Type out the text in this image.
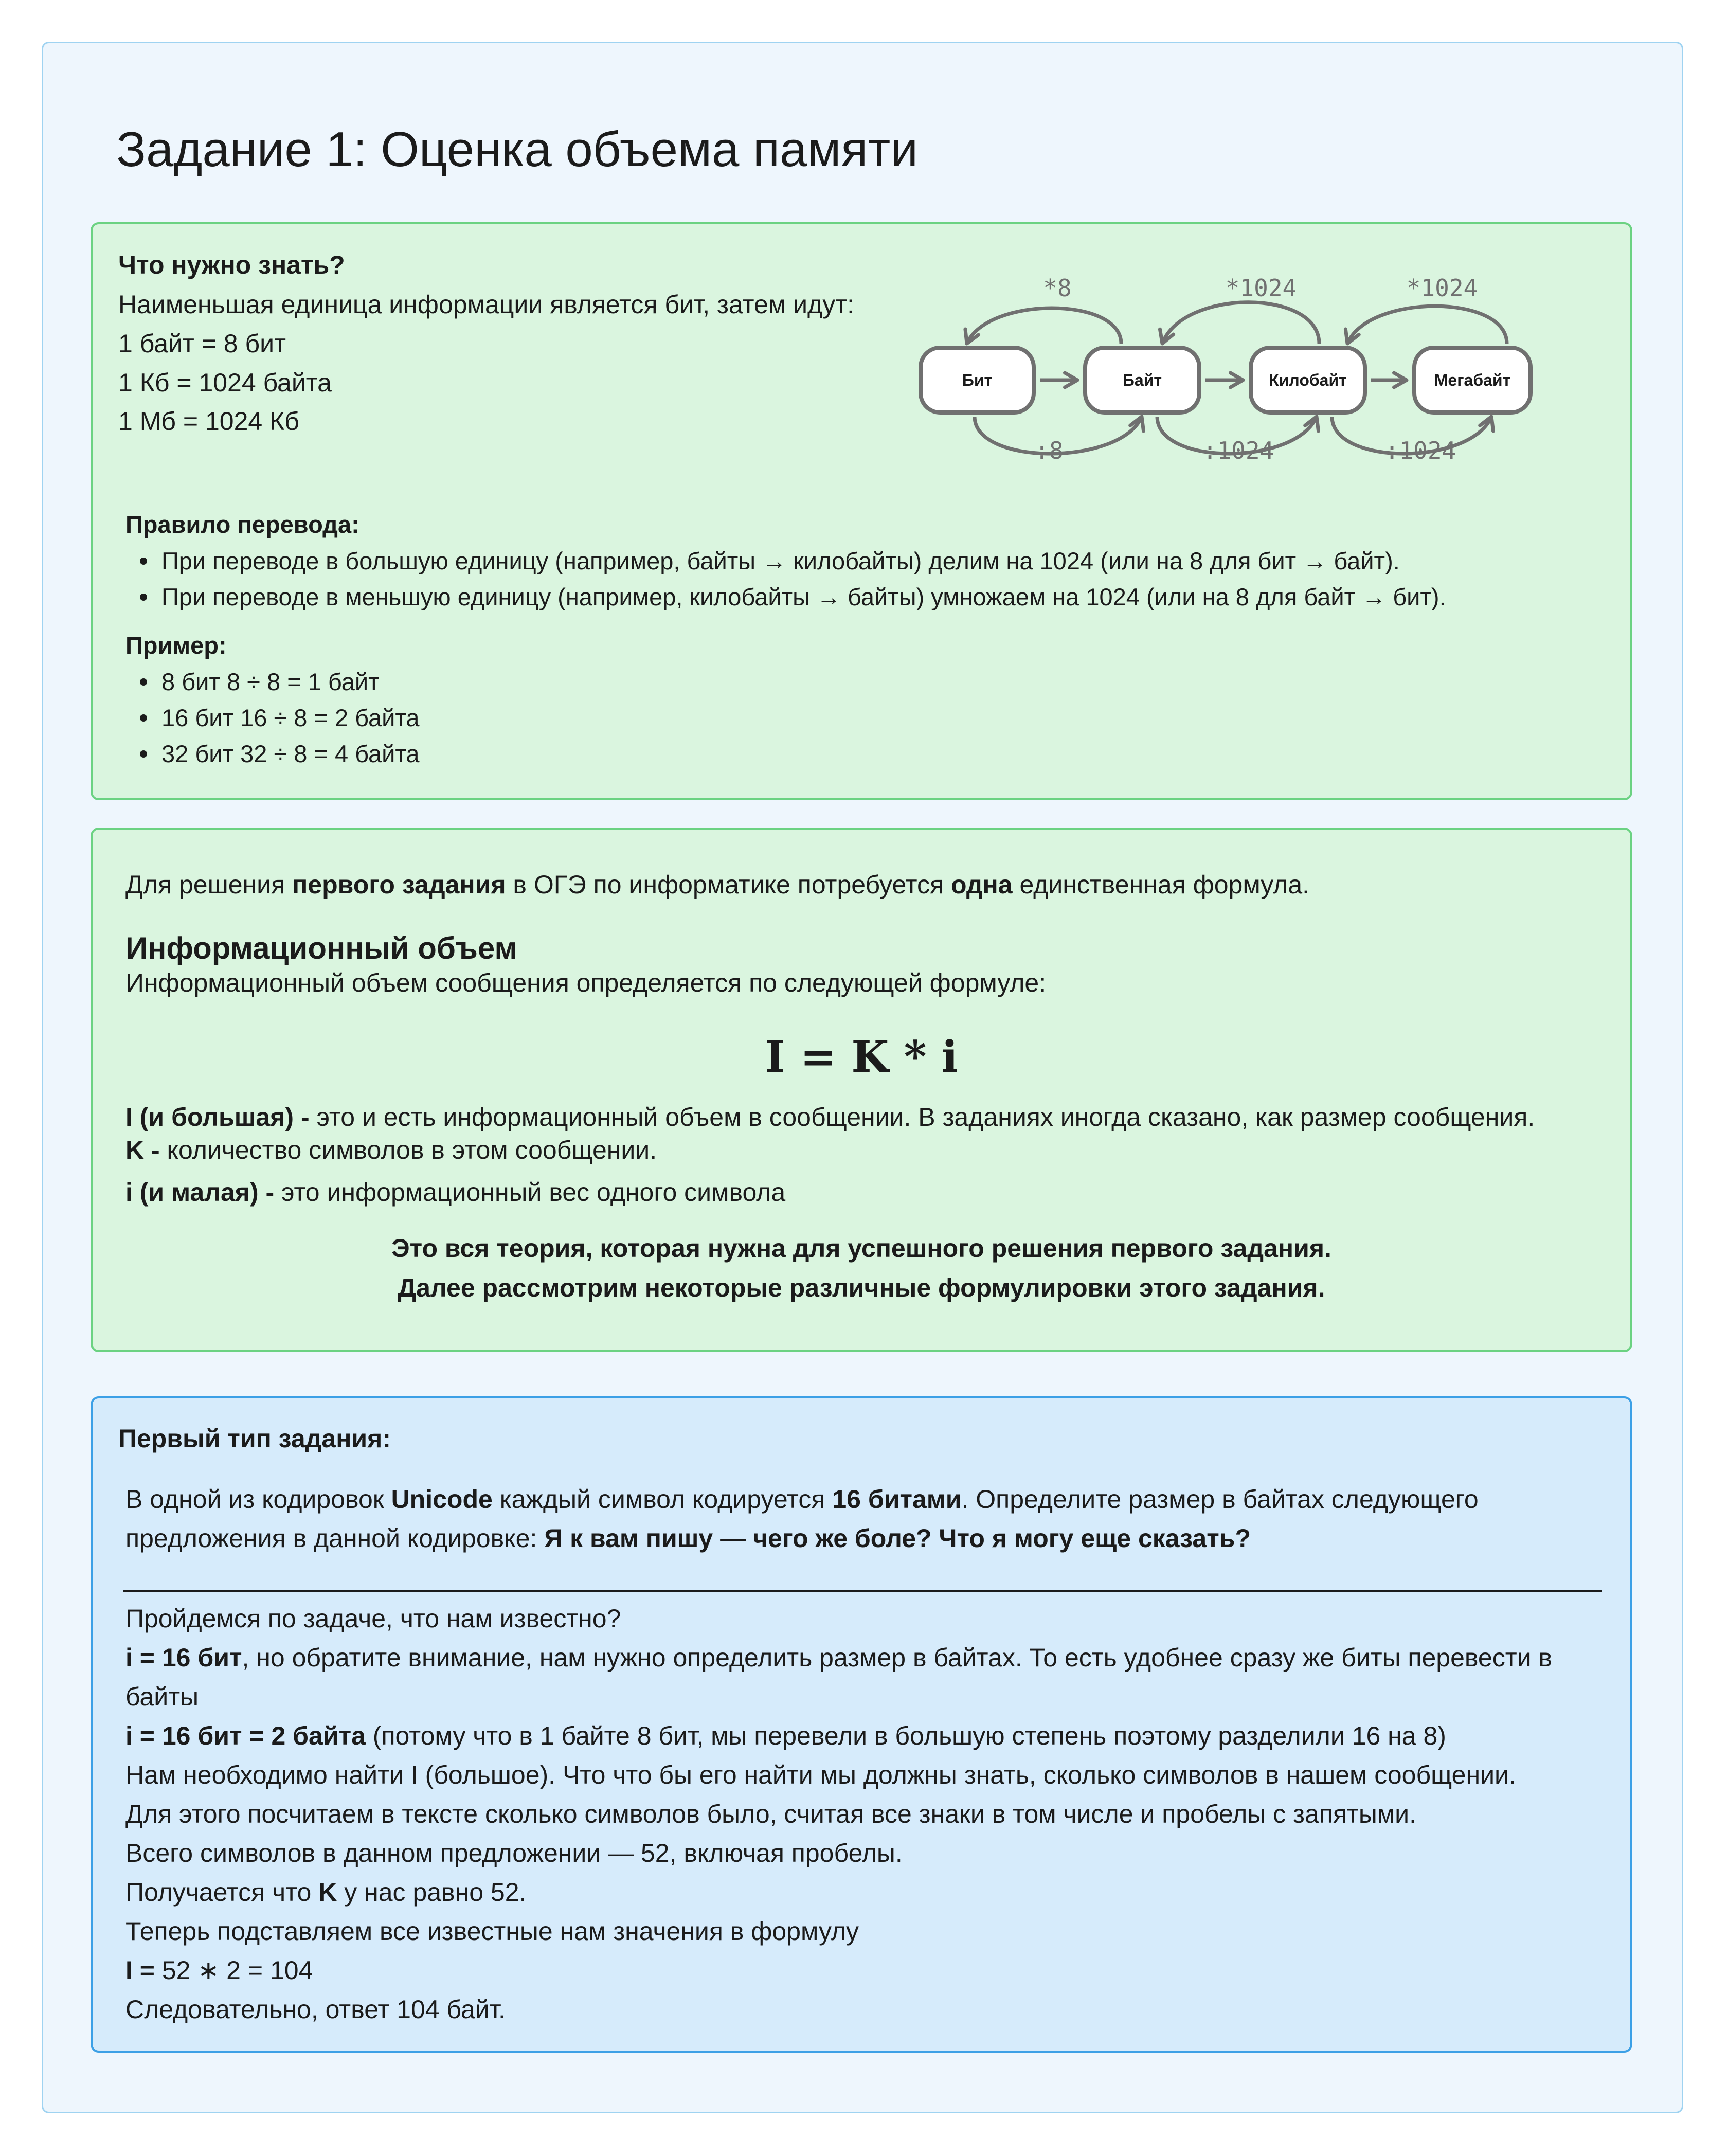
Задание 1: Оценка объема памяти
Что нужно знать?
Наименьшая единица информации является бит, затем идут:
1 байт = 8 бит
1 Кб = 1024 байта
1 Мб = 1024 Кб
Бит	Байт	Килобайт	Мегабайт
*8	*1024	*1024
:8	:1024	:1024
Правило перевода:
При переводе в большую единицу (например, байты → килобайты) делим на 1024 (или на 8 для бит → байт).
При переводе в меньшую единицу (например, килобайты → байты) умножаем на 1024 (или на 8 для байт → бит).
Пример:
8 бит 8 ÷ 8 = 1 байт
16 бит 16 ÷ 8 = 2 байта
32 бит 32 ÷ 8 = 4 байта
Для решения первого задания в ОГЭ по информатике потребуется одна единственная формула.
Информационный объем
Информационный объем сообщения определяется по следующей формуле:
I = K * i
I (и большая) - это и есть информационный объем в сообщении. В заданиях иногда сказано, как размер сообщения.
K - количество символов в этом сообщении.
i (и малая) - это информационный вес одного символа
Это вся теория, которая нужна для успешного решения первого задания.
Далее рассмотрим некоторые различные формулировки этого задания.
Первый тип задания:
В одной из кодировок Unicode каждый символ кодируется 16 битами. Определите размер в байтах следующего
предложения в данной кодировке: Я к вам пишу — чего же боле? Что я могу еще сказать?
Пройдемся по задаче, что нам известно?
i = 16 бит, но обратите внимание, нам нужно определить размер в байтах. То есть удобнее сразу же биты перевести в
байты
i = 16 бит = 2 байта (потому что в 1 байте 8 бит, мы перевели в большую степень поэтому разделили 16 на 8)
Нам необходимо найти I (большое). Что что бы его найти мы должны знать, сколько символов в нашем сообщении.
Для этого посчитаем в тексте сколько символов было, считая все знаки в том числе и пробелы с запятыми.
Всего символов в данном предложении — 52, включая пробелы.
Получается что K у нас равно 52.
Теперь подставляем все известные нам значения в формулу
I = 52 ∗ 2 = 104
Следовательно, ответ 104 байт.
